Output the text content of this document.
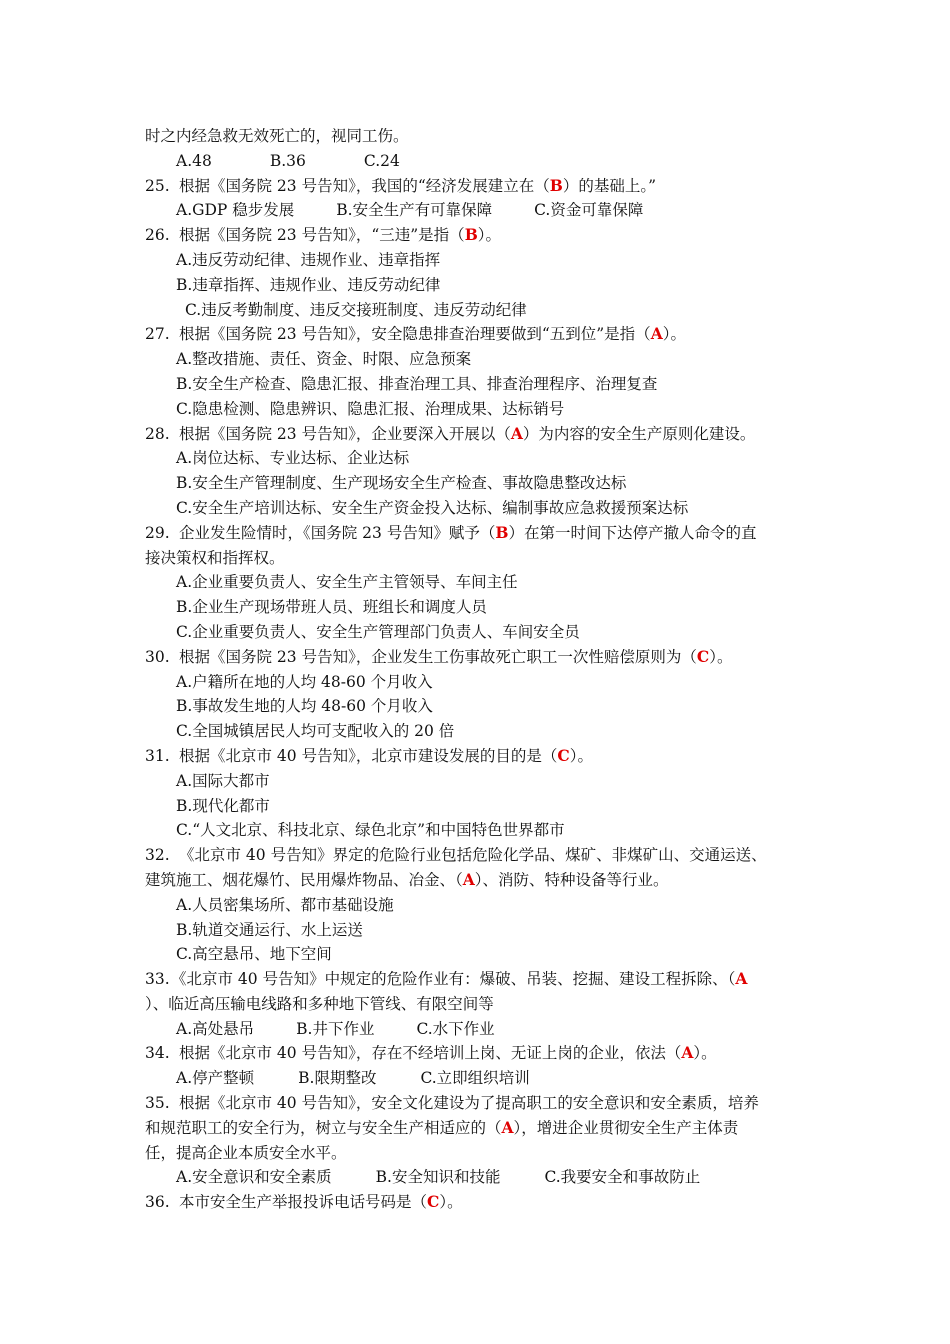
时之内经急救无效死亡的，视同工伤。
A.48	B.36	C.24
25. 根据《国务院 23 号告知》，我国的“经济发展建立在（B）的基础上。”
A.GDP 稳步发展	B.安全生产有可靠保障	C.资金可靠保障
26. 根据《国务院 23 号告知》，“三违”是指（B）。
A.违反劳动纪律、违规作业、违章指挥
B.违章指挥、违规作业、违反劳动纪律
C.违反考勤制度、违反交接班制度、违反劳动纪律
27. 根据《国务院 23 号告知》，安全隐患排查治理要做到“五到位”是指（A）。
A.整改措施、责任、资金、时限、应急预案
B.安全生产检查、隐患汇报、排查治理工具、排查治理程序、治理复查
C.隐患检测、隐患辨识、隐患汇报、治理成果、达标销号
28. 根据《国务院 23 号告知》，企业要深入开展以（A）为内容的安全生产原则化建设。
A.岗位达标、专业达标、企业达标
B.安全生产管理制度、生产现场安全生产检查、事故隐患整改达标
C.安全生产培训达标、安全生产资金投入达标、编制事故应急救援预案达标
29. 企业发生险情时，《国务院 23 号告知》赋予（B）在第一时间下达停产撤人命令的直
接决策权和指挥权。
A.企业重要负责人、安全生产主管领导、车间主任
B.企业生产现场带班人员、班组长和调度人员
C.企业重要负责人、安全生产管理部门负责人、车间安全员
30. 根据《国务院 23 号告知》，企业发生工伤事故死亡职工一次性赔偿原则为（C）。
A.户籍所在地的人均 48-60 个月收入
B.事故发生地的人均 48-60 个月收入
C.全国城镇居民人均可支配收入的 20 倍
31. 根据《北京市 40 号告知》，北京市建设发展的目的是（C）。
A.国际大都市
B.现代化都市
C.“人文北京、科技北京、绿色北京”和中国特色世界都市
32. 《北京市 40 号告知》界定的危险行业包括危险化学品、煤矿、非煤矿山、交通运送、
建筑施工、烟花爆竹、民用爆炸物品、冶金、（A）、消防、特种设备等行业。
A.人员密集场所、都市基础设施
B.轨道交通运行、水上运送
C.高空悬吊、地下空间
33.《北京市 40 号告知》中规定的危险作业有：爆破、吊装、挖掘、建设工程拆除、（A
）、临近高压输电线路和多种地下管线、有限空间等
A.高处悬吊	B.井下作业	C.水下作业
34. 根据《北京市 40 号告知》，存在不经培训上岗、无证上岗的企业，依法（A）。
A.停产整顿	B.限期整改	C.立即组织培训
35. 根据《北京市 40 号告知》，安全文化建设为了提高职工的安全意识和安全素质，培养
和规范职工的安全行为，树立与安全生产相适应的（A），增进企业贯彻安全生产主体责
任，提高企业本质安全水平。
A.安全意识和安全素质	B.安全知识和技能	C.我要安全和事故防止
36. 本市安全生产举报投诉电话号码是（C）。
